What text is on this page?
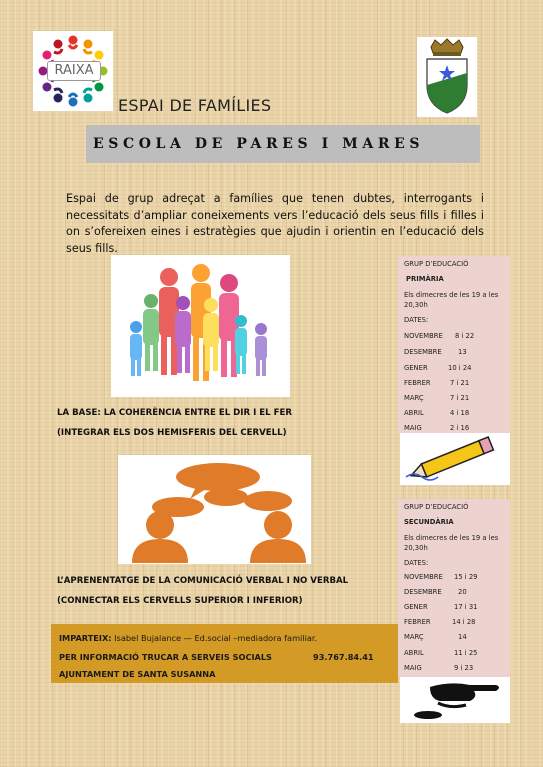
RAIXA
ESPAI DE FAMÍLIES
ESCOLA DE PARES I MARES
Espai de grup adreçat a famílies que tenen dubtes, interrogants i necessitats d’ampliar coneixements vers l’educació dels seus fills i filles i on s’ofereixen eines i estratègies que ajudin i orientin en l’educació dels seus fills.
LA BASE: LA COHERÈNCIA ENTRE EL DIR I EL FER
(INTEGRAR ELS DOS HEMISFERIS DEL CERVELL)
L’APRENENTATGE DE LA COMUNICACIÓ VERBAL I NO VERBAL
(CONNECTAR ELS CERVELLS SUPERIOR I INFERIOR)
IMPARTEIX: Isabel Bujalance — Ed.social –mediadora familiar.
PER INFORMACIÓ TRUCAR A SERVEIS SOCIALS	93.767.84.41
AJUNTAMENT DE SANTA SUSANNA
GRUP D’EDUCACIÓ
PRIMÀRIA
Els dimecres de les 19 a les
20,30h
DATES:
NOVEMBRE 8 i 22
DESEMBRE 13
GENER	10 i 24
FEBRER	7 i 21
MARÇ	7 i 21
ABRIL	4 i 18
MAIG	2 i 16
GRUP D’EDUCACIÓ
SECUNDÀRIA
Els dimecres de les 19 a les
20,30h
DATES:
NOVEMBRE 15 i 29
DESEMBRE 20
GENER	17 i 31
FEBRER	14 i 28
MARÇ	14
ABRIL	11 i 25
MAIG	9 i 23
